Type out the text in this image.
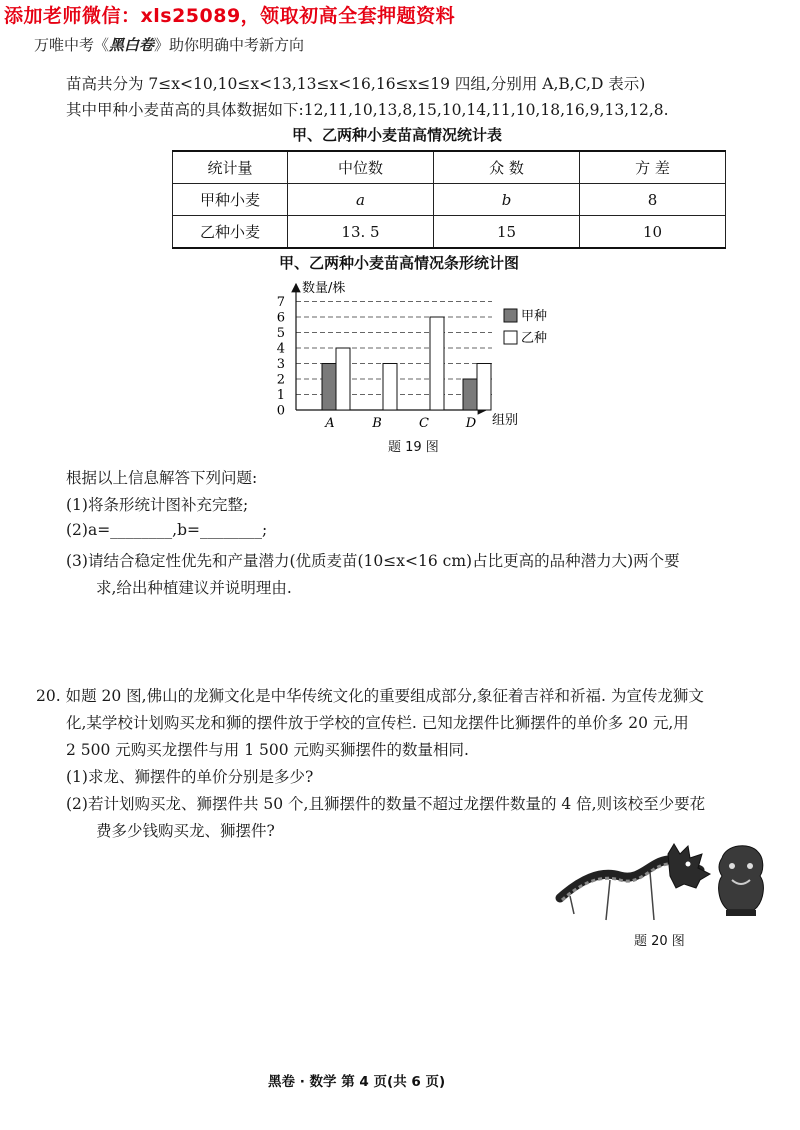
添加老师微信：xls25089，领取初高全套押题资料
万唯中考《黑白卷》助你明确中考新方向
苗高共分为 7≤x<10,10≤x<13,13≤x<16,16≤x≤19 四组,分别用 A,B,C,D 表示)
其中甲种小麦苗高的具体数据如下:12,11,10,13,8,15,10,14,11,10,18,16,9,13,12,8.
甲、乙两种小麦苗高情况统计表
统计量	中位数	众 数	方 差
甲种小麦	a	b	8
乙种小麦	13. 5	15	10
甲、乙两种小麦苗高情况条形统计图
0
1
2
3
4
5
6
7
A	B	C	D
数量/株
组别
甲种
乙种
题 19 图
根据以上信息解答下列问题:
(1)将条形统计图补充完整;
(2)a=________,b=________;
(3)请结合稳定性优先和产量潜力(优质麦苗(10≤x<16 cm)占比更高的品种潜力大)两个要
求,给出种植建议并说明理由.
20. 如题 20 图,佛山的龙狮文化是中华传统文化的重要组成部分,象征着吉祥和祈福. 为宣传龙狮文
化,某学校计划购买龙和狮的摆件放于学校的宣传栏. 已知龙摆件比狮摆件的单价多 20 元,用
2 500 元购买龙摆件与用 1 500 元购买狮摆件的数量相同.
(1)求龙、狮摆件的单价分别是多少?
(2)若计划购买龙、狮摆件共 50 个,且狮摆件的数量不超过龙摆件数量的 4 倍,则该校至少要花
费多少钱购买龙、狮摆件?
题 20 图
黑卷 · 数学 第 4 页(共 6 页)
